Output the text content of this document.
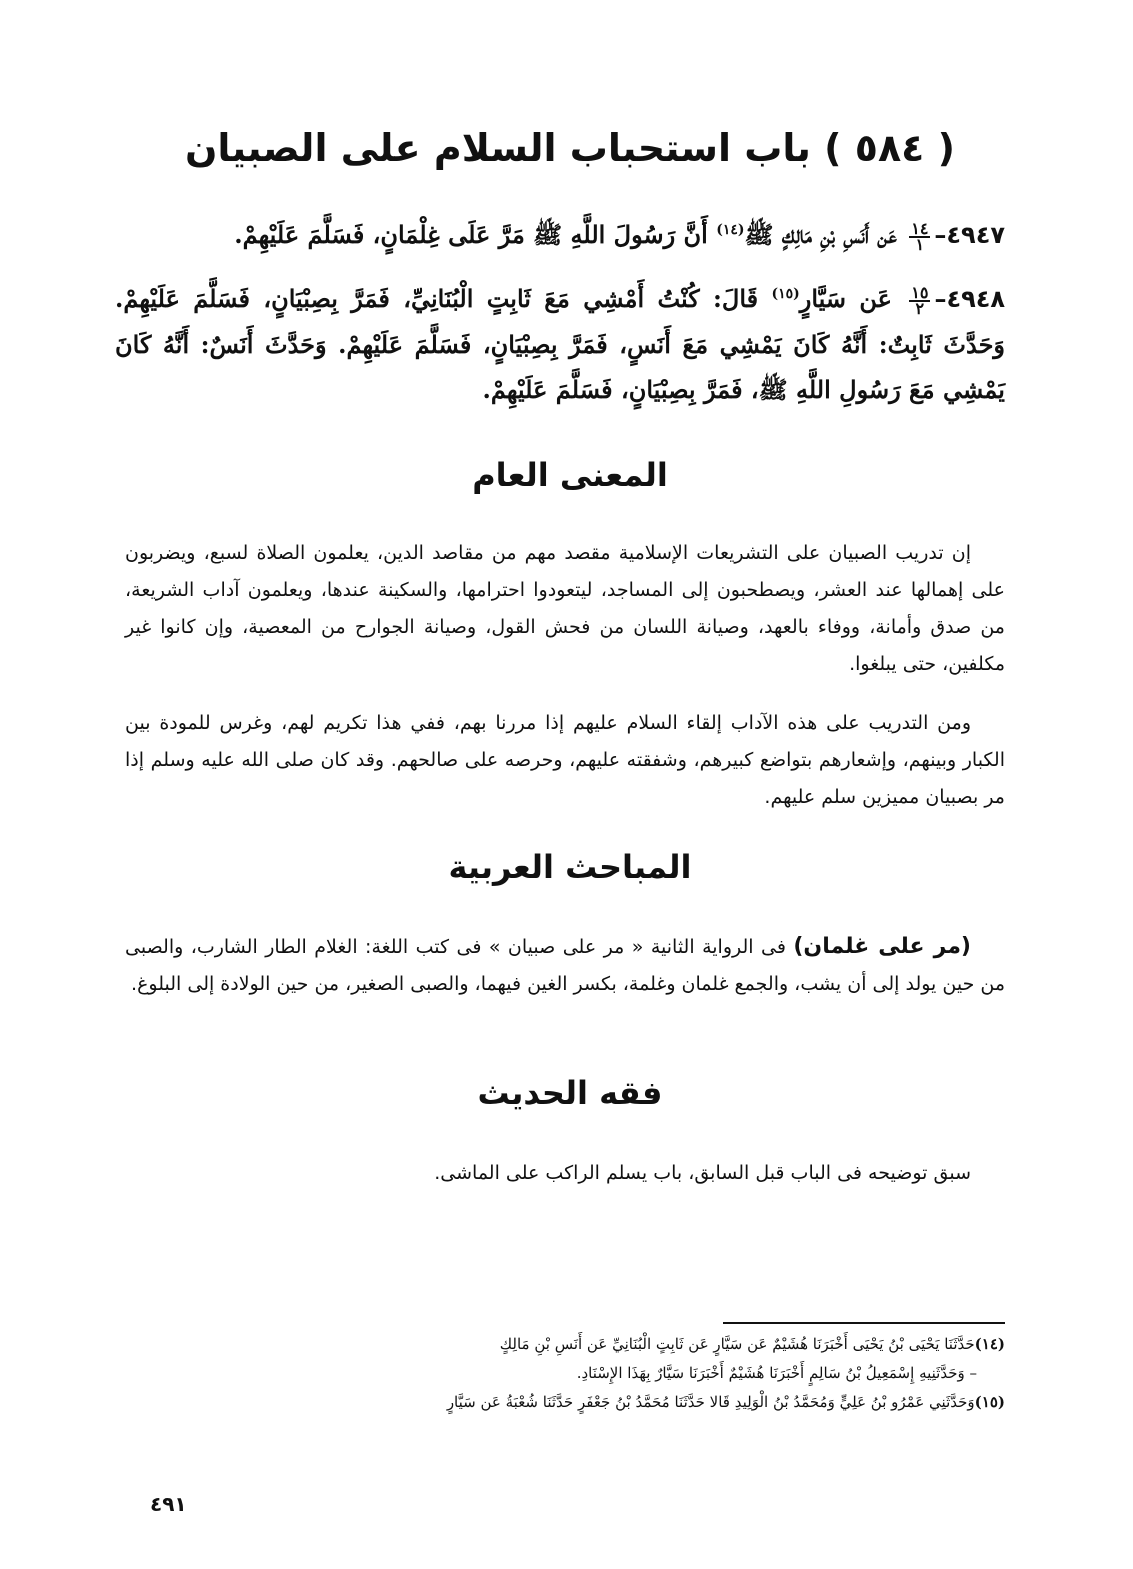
( ٥٨٤ ) باب استحباب السلام على الصبيان

٤٩٤٧–
$\frac{١٤}{١}$
عَن أَنَسِ بْنِ مَالِكٍ ﷺ$^{(١٤)}$ أَنَّ رَسُولَ اللَّهِ ﷺ مَرَّ عَلَى غِلْمَانٍ، فَسَلَّمَ عَلَيْهِمْ.

٤٩٤٨–
$\frac{١٥}{٢}$
عَن سَيَّارٍ$^{(١٥)}$ قَالَ: كُنْتُ أَمْشِي مَعَ ثَابِتٍ الْبُنَانِيِّ، فَمَرَّ بِصِبْيَانٍ، فَسَلَّمَ عَلَيْهِمْ. وَحَدَّثَ ثَابِتٌ: أَنَّهُ كَانَ يَمْشِي مَعَ أَنَسٍ، فَمَرَّ بِصِبْيَانٍ، فَسَلَّمَ عَلَيْهِمْ. وَحَدَّثَ أَنَسٌ: أَنَّهُ كَانَ يَمْشِي مَعَ رَسُولِ اللَّهِ ﷺ، فَمَرَّ بِصِبْيَانٍ، فَسَلَّمَ عَلَيْهِمْ.

المعنى العام

إن تدريب الصبيان على التشريعات الإسلامية مقصد مهم من مقاصد الدين، يعلمون الصلاة لسبع، ويضربون على إهمالها عند العشر، ويصطحبون إلى المساجد، ليتعودوا احترامها، والسكينة عندها، ويعلمون آداب الشريعة، من صدق وأمانة، ووفاء بالعهد، وصيانة اللسان من فحش القول، وصيانة الجوارح من المعصية، وإن كانوا غير مكلفين، حتى يبلغوا.

ومن التدريب على هذه الآداب إلقاء السلام عليهم إذا مررنا بهم، ففي هذا تكريم لهم، وغرس للمودة بين الكبار وبينهم، وإشعارهم بتواضع كبيرهم، وشفقته عليهم، وحرصه على صالحهم. وقد كان صلى الله عليه وسلم إذا مر بصبيان مميزين سلم عليهم.

المباحث العربية

(مر على غلمان) فى الرواية الثانية « مر على صبيان » فى كتب اللغة: الغلام الطار الشارب، والصبى من حين يولد إلى أن يشب، والجمع غلمان وغلمة، بكسر الغين فيهما، والصبى الصغير، من حين الولادة إلى البلوغ.

فقه الحديث

سبق توضيحه فى الباب قبل السابق، باب يسلم الراكب على الماشى.

(١٤)حَدَّثَنَا يَحْيَى بْنُ يَحْيَى أَخْبَرَنَا هُشَيْمٌ عَن سَيَّارٍ عَن ثَابِتٍ الْبُنَانِيِّ عَن أَنَسِ بْنِ مَالِكٍ
– وَحَدَّثَنِيهِ إِسْمَعِيلُ بْنُ سَالِمٍ أَخْبَرَنَا هُشَيْمٌ أَخْبَرَنَا سَيَّارٌ بِهَذَا الإِسْنَادِ.
(١٥)وَحَدَّثَنِي عَمْرُو بْنُ عَلِيٍّ وَمُحَمَّدُ بْنُ الْوَلِيدِ قَالا حَدَّثَنَا مُحَمَّدُ بْنُ جَعْفَرٍ حَدَّثَنَا شُعْبَةُ عَن سَيَّارٍ

٤٩١
